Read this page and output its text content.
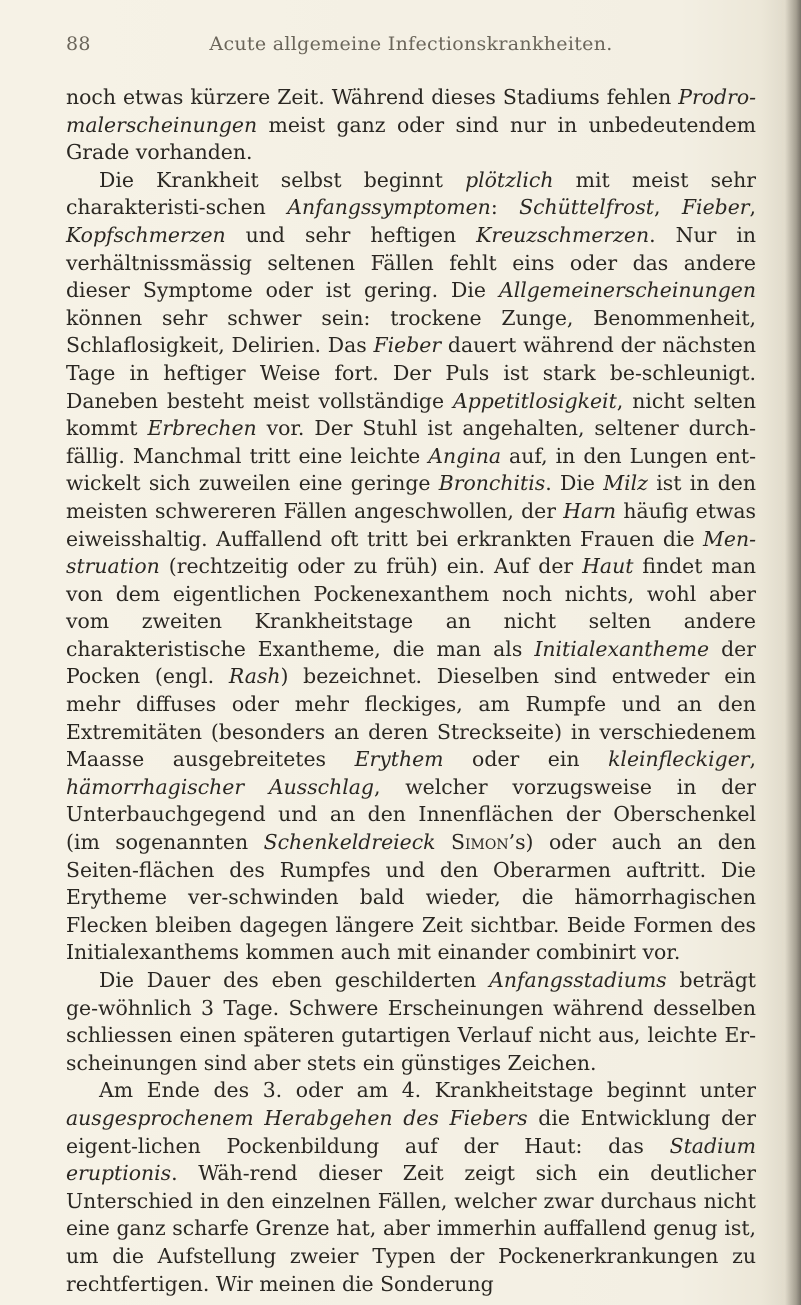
88	Acute allgemeine Infectionskrankheiten.

noch etwas kürzere Zeit. Während dieses Stadiums fehlen Prodro-malerscheinungen meist ganz oder sind nur in unbedeutendem Grade vorhanden.

Die Krankheit selbst beginnt plötzlich mit meist sehr charakteristi-schen Anfangssymptomen: Schüttelfrost, Fieber, Kopfschmerzen und sehr heftigen Kreuzschmerzen. Nur in verhältnissmässig seltenen Fällen fehlt eins oder das andere dieser Symptome oder ist gering. Die Allgemeinerscheinungen können sehr schwer sein: trockene Zunge, Benommenheit, Schlaflosigkeit, Delirien. Das Fieber dauert während der nächsten Tage in heftiger Weise fort. Der Puls ist stark be-schleunigt. Daneben besteht meist vollständige Appetitlosigkeit, nicht selten kommt Erbrechen vor. Der Stuhl ist angehalten, seltener durch-fällig. Manchmal tritt eine leichte Angina auf, in den Lungen ent-wickelt sich zuweilen eine geringe Bronchitis. Die Milz ist in den meisten schwereren Fällen angeschwollen, der Harn häufig etwas eiweisshaltig. Auffallend oft tritt bei erkrankten Frauen die Men-struation (rechtzeitig oder zu früh) ein. Auf der Haut findet man von dem eigentlichen Pockenexanthem noch nichts, wohl aber vom zweiten Krankheitstage an nicht selten andere charakteristische Exantheme, die man als Initialexantheme der Pocken (engl. Rash) bezeichnet. Dieselben sind entweder ein mehr diffuses oder mehr fleckiges, am Rumpfe und an den Extremitäten (besonders an deren Streckseite) in verschiedenem Maasse ausgebreitetes Erythem oder ein kleinfleckiger, hämorrhagischer Ausschlag, welcher vorzugsweise in der Unterbauchgegend und an den Innenflächen der Oberschenkel (im sogenannten Schenkeldreieck Simon’s) oder auch an den Seiten-flächen des Rumpfes und den Oberarmen auftritt. Die Erytheme ver-schwinden bald wieder, die hämorrhagischen Flecken bleiben dagegen längere Zeit sichtbar. Beide Formen des Initialexanthems kommen auch mit einander combinirt vor.

Die Dauer des eben geschilderten Anfangsstadiums beträgt ge-wöhnlich 3 Tage. Schwere Erscheinungen während desselben schliessen einen späteren gutartigen Verlauf nicht aus, leichte Er-scheinungen sind aber stets ein günstiges Zeichen.

Am Ende des 3. oder am 4. Krankheitstage beginnt unter ausgesprochenem Herabgehen des Fiebers die Entwicklung der eigent-lichen Pockenbildung auf der Haut: das Stadium eruptionis. Wäh-rend dieser Zeit zeigt sich ein deutlicher Unterschied in den einzelnen Fällen, welcher zwar durchaus nicht eine ganz scharfe Grenze hat, aber immerhin auffallend genug ist, um die Aufstellung zweier Typen der Pockenerkrankungen zu rechtfertigen. Wir meinen die Sonderung
